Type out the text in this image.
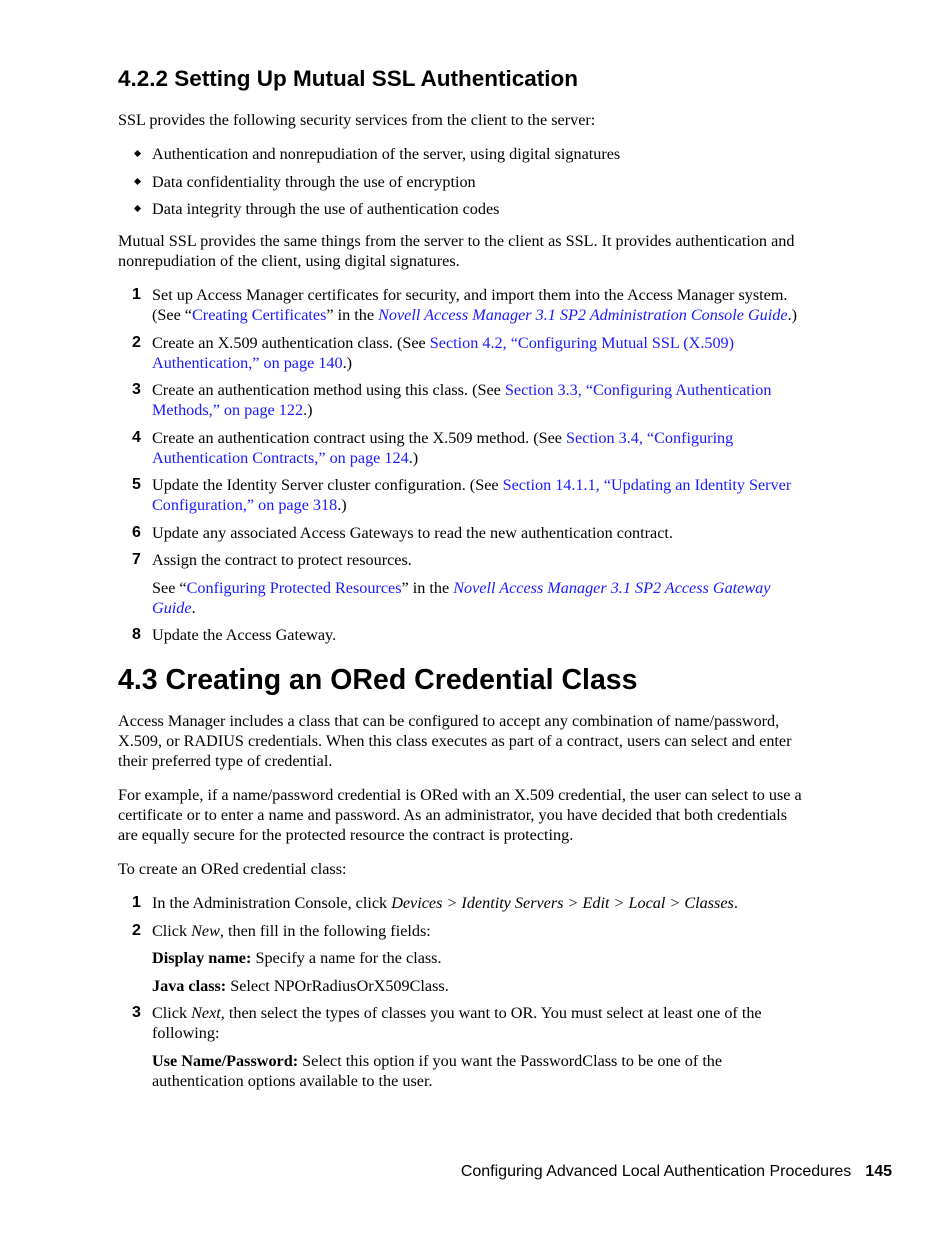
4.2.2 Setting Up Mutual SSL Authentication

SSL provides the following security services from the client to the server:

Authentication and nonrepudiation of the server, using digital signatures
Data confidentiality through the use of encryption
Data integrity through the use of authentication codes

Mutual SSL provides the same things from the server to the client as SSL. It provides authentication and nonrepudiation of the client, using digital signatures.

1 Set up Access Manager certificates for security, and import them into the Access Manager system. (See “Creating Certificates” in the Novell Access Manager 3.1 SP2 Administration Console Guide.)
2 Create an X.509 authentication class. (See Section 4.2, “Configuring Mutual SSL (X.509) Authentication,” on page 140.)
3 Create an authentication method using this class. (See Section 3.3, “Configuring Authentication Methods,” on page 122.)
4 Create an authentication contract using the X.509 method. (See Section 3.4, “Configuring Authentication Contracts,” on page 124.)
5 Update the Identity Server cluster configuration. (See Section 14.1.1, “Updating an Identity Server Configuration,” on page 318.)
6 Update any associated Access Gateways to read the new authentication contract.
7 Assign the contract to protect resources.
See “Configuring Protected Resources” in the Novell Access Manager 3.1 SP2 Access Gateway Guide.
8 Update the Access Gateway.
4.3 Creating an ORed Credential Class

Access Manager includes a class that can be configured to accept any combination of name/password, X.509, or RADIUS credentials. When this class executes as part of a contract, users can select and enter their preferred type of credential.

For example, if a name/password credential is ORed with an X.509 credential, the user can select to use a certificate or to enter a name and password. As an administrator, you have decided that both credentials are equally secure for the protected resource the contract is protecting.

To create an ORed credential class:

1 In the Administration Console, click Devices > Identity Servers > Edit > Local > Classes.
2 Click New, then fill in the following fields:
Display name: Specify a name for the class.
Java class: Select NPOrRadiusOrX509Class.
3 Click Next, then select the types of classes you want to OR. You must select at least one of the following:
Use Name/Password: Select this option if you want the PasswordClass to be one of the authentication options available to the user.
Configuring Advanced Local Authentication Procedures 145
